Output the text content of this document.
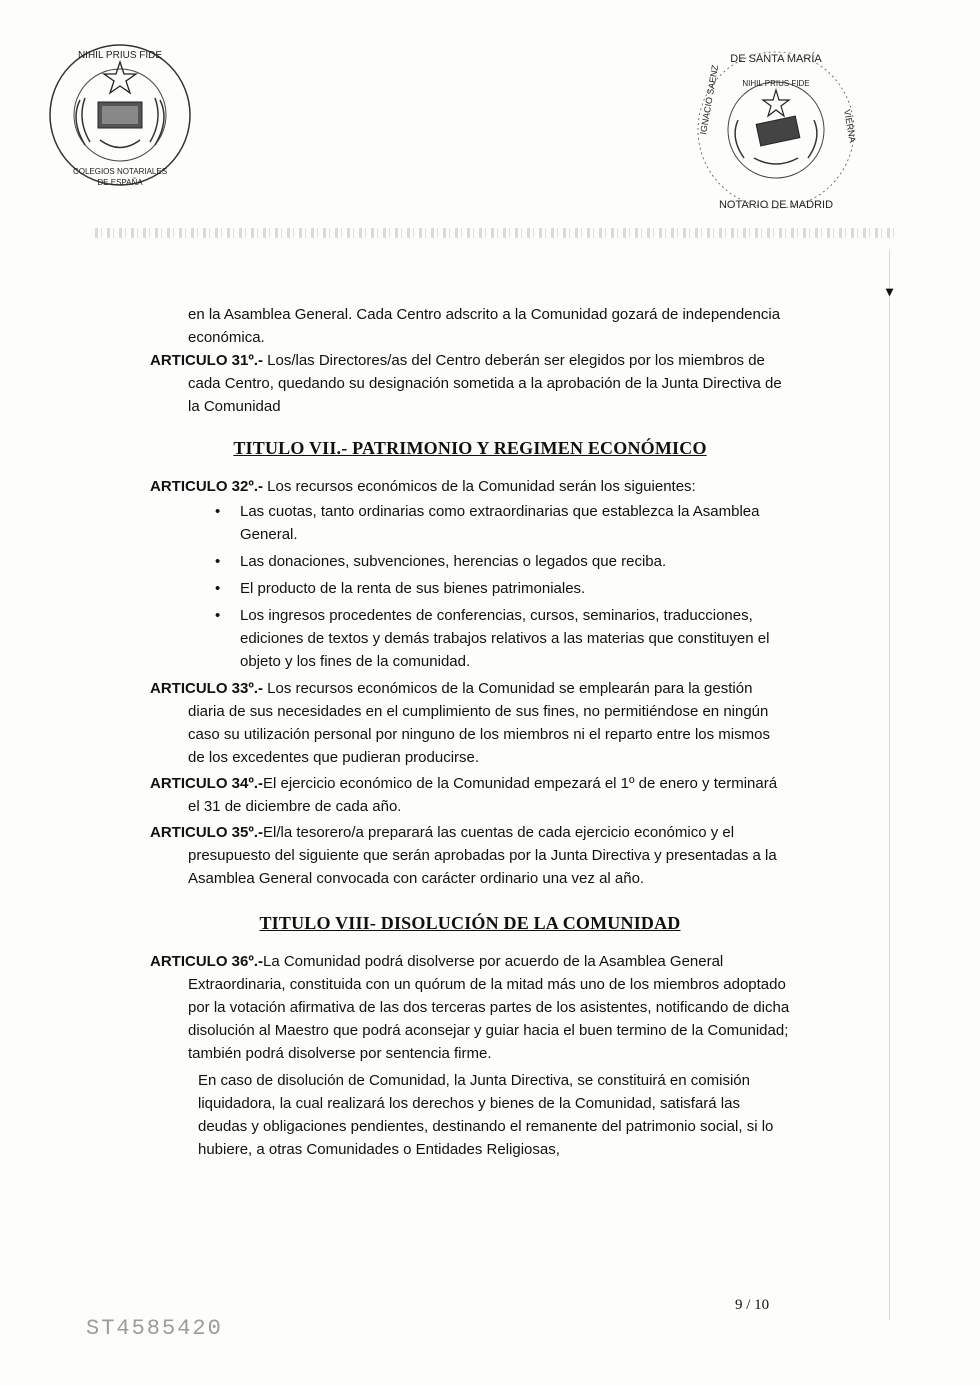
NIHIL PRIUS FIDE
COLEGIOS NOTARIALES
DE ESPAÑA
DE SANTA MARÍA
NIHIL PRIUS FIDE
NOTARIO DE MADRID
IGNACIO SAENZ	VIERNA
▾

en la Asamblea General. Cada Centro adscrito a la Comunidad gozará de independencia económica.

ARTICULO 31º.- Los/las Directores/as del Centro deberán ser elegidos por los miembros de cada Centro, quedando su designación sometida a la aprobación de la Junta Directiva de la Comunidad

TITULO VII.- PATRIMONIO Y REGIMEN ECONÓMICO

ARTICULO 32º.- Los recursos económicos de la Comunidad serán los siguientes:

• Las cuotas, tanto ordinarias como extraordinarias que establezca la Asamblea General.
• Las donaciones, subvenciones, herencias o legados que reciba.
• El producto de la renta de sus bienes patrimoniales.
• Los ingresos procedentes de conferencias, cursos, seminarios, traducciones, ediciones de textos y demás trabajos relativos a las materias que constituyen el objeto y los fines de la comunidad.

ARTICULO 33º.- Los recursos económicos de la Comunidad se emplearán para la gestión diaria de sus necesidades en el cumplimiento de sus fines, no permitiéndose en ningún caso su utilización personal por ninguno de los miembros ni el reparto entre los mismos de los excedentes que pudieran producirse.

ARTICULO 34º.-El ejercicio económico de la Comunidad empezará el 1º de enero y terminará el 31 de diciembre de cada año.

ARTICULO 35º.-El/la tesorero/a preparará las cuentas de cada ejercicio económico y el presupuesto del siguiente que serán aprobadas por la Junta Directiva y presentadas a la Asamblea General convocada con carácter ordinario una vez al año.

TITULO VIII- DISOLUCIÓN DE LA COMUNIDAD

ARTICULO 36º.-La Comunidad podrá disolverse por acuerdo de la Asamblea General Extraordinaria, constituida con un quórum de la mitad más uno de los miembros adoptado por la votación afirmativa de las dos terceras partes de los asistentes, notificando de dicha disolución al Maestro que podrá aconsejar y guiar hacia el buen termino de la Comunidad; también podrá disolverse por sentencia firme.

En caso de disolución de Comunidad, la Junta Directiva, se constituirá en comisión liquidadora, la cual realizará los derechos y bienes de la Comunidad, satisfará las deudas y obligaciones pendientes, destinando el remanente del patrimonio social, si lo hubiere, a otras Comunidades o Entidades Religiosas,

9 / 10
ST4585420
